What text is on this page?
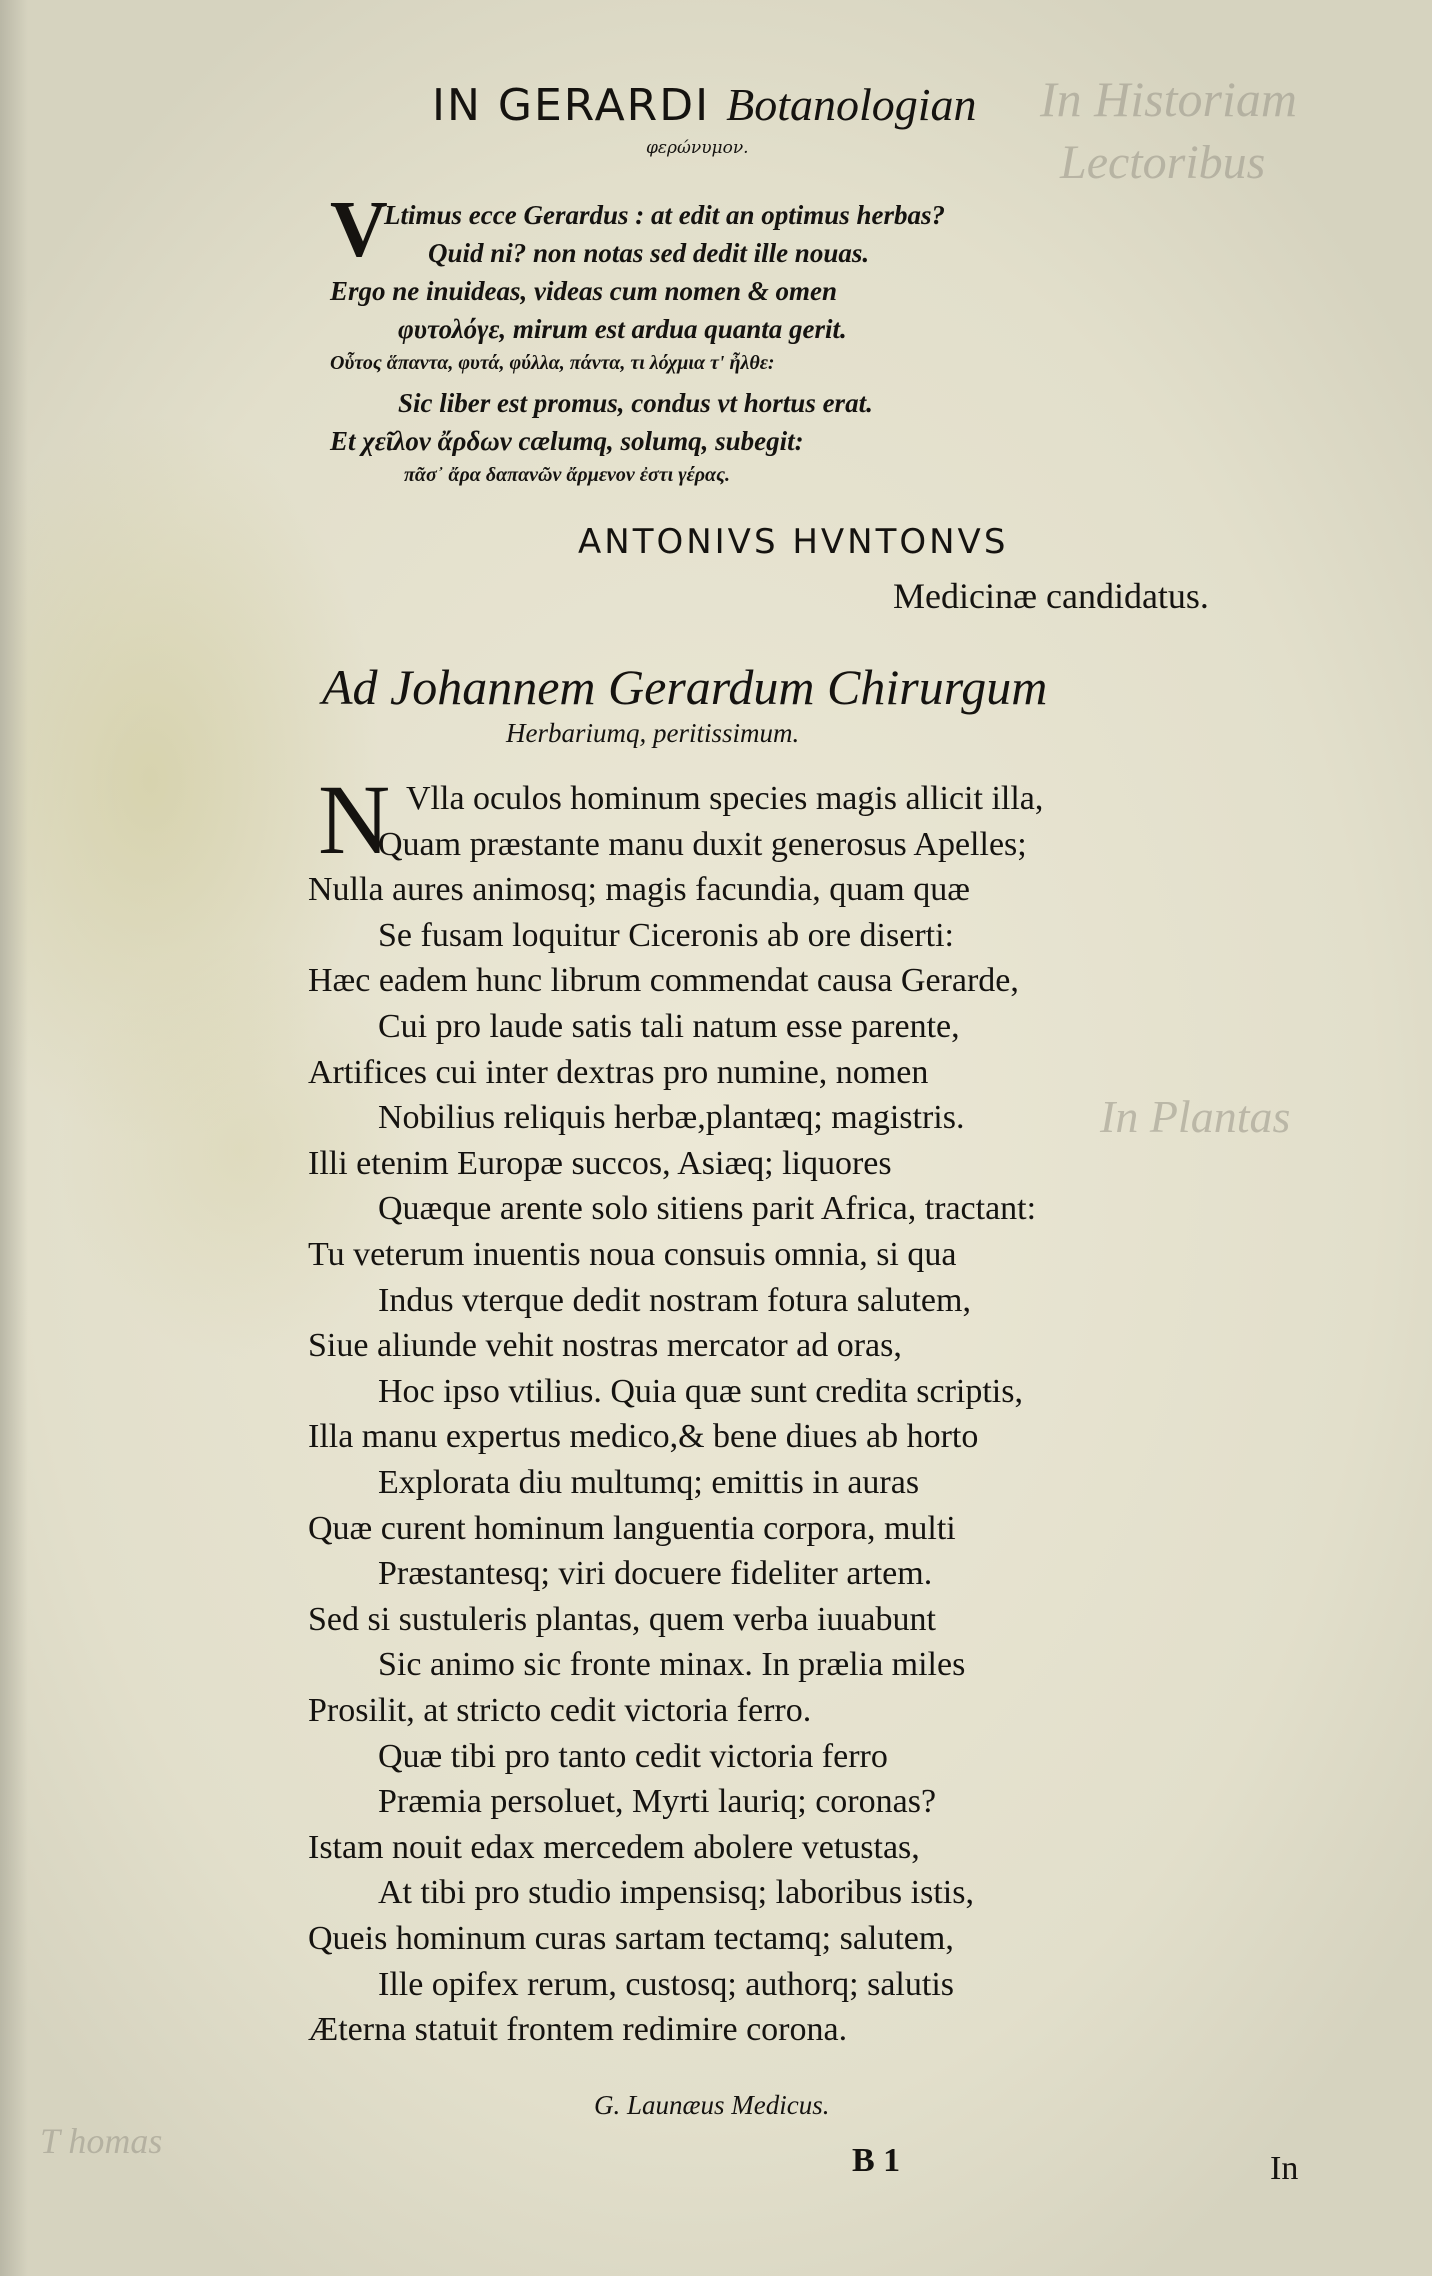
In Historiam
Lectoribus
In Plantas
T homas
IN GERARDI Botanologian
φερώνυμον.
V
Ltimus ecce Gerardus : at edit an optimus herbas?
Quid ni? non notas sed dedit ille nouas.
Ergo ne inuideas, videas cum nomen & omen
φυτολόγε, mirum est ardua quanta gerit.
Οὗτος ἅπαντα, φυτά, φύλλα, πάντα, τι λόχμια τ' ἦλθε:
Sic liber est promus, condus vt hortus erat.
Et χεῖλον ἄρδων cælumq, solumq, subegit:
πᾶσ᾽ ἄρα δαπανῶν ἄρμενον ἐστι γέρας.
ANTONIVS HVNTONVS
Medicinæ candidatus.
Ad Johannem Gerardum Chirurgum
Herbariumq, peritissimum.
N Vlla oculos hominum species magis allicit illa,
Quam præstante manu duxit generosus Apelles;
Nulla aures animosq; magis facundia, quam quæ
Se fusam loquitur Ciceronis ab ore diserti:
Hæc eadem hunc librum commendat causa Gerarde,
Cui pro laude satis tali natum esse parente,
Artifices cui inter dextras pro numine, nomen
Nobilius reliquis herbæ,plantæq; magistris.
Illi etenim Europæ succos, Asiæq; liquores
Quæque arente solo sitiens parit Africa, tractant:
Tu veterum inuentis noua consuis omnia, si qua
Indus vterque dedit nostram fotura salutem,
Siue aliunde vehit nostras mercator ad oras,
Hoc ipso vtilius. Quia quæ sunt credita scriptis,
Illa manu expertus medico,& bene diues ab horto
Explorata diu multumq; emittis in auras
Quæ curent hominum languentia corpora, multi
Præstantesq; viri docuere fideliter artem.
Sed si sustuleris plantas, quem verba iuuabunt
Sic animo sic fronte minax. In prælia miles
Prosilit, at stricto cedit victoria ferro.
Quæ tibi pro tanto cedit victoria ferro
Præmia persoluet, Myrti lauriq; coronas?
Istam nouit edax mercedem abolere vetustas,
At tibi pro studio impensisq; laboribus istis,
Queis hominum curas sartam tectamq; salutem,
Ille opifex rerum, custosq; authorq; salutis
Æterna statuit frontem redimire corona.
G. Launæus Medicus.
B 1	In
